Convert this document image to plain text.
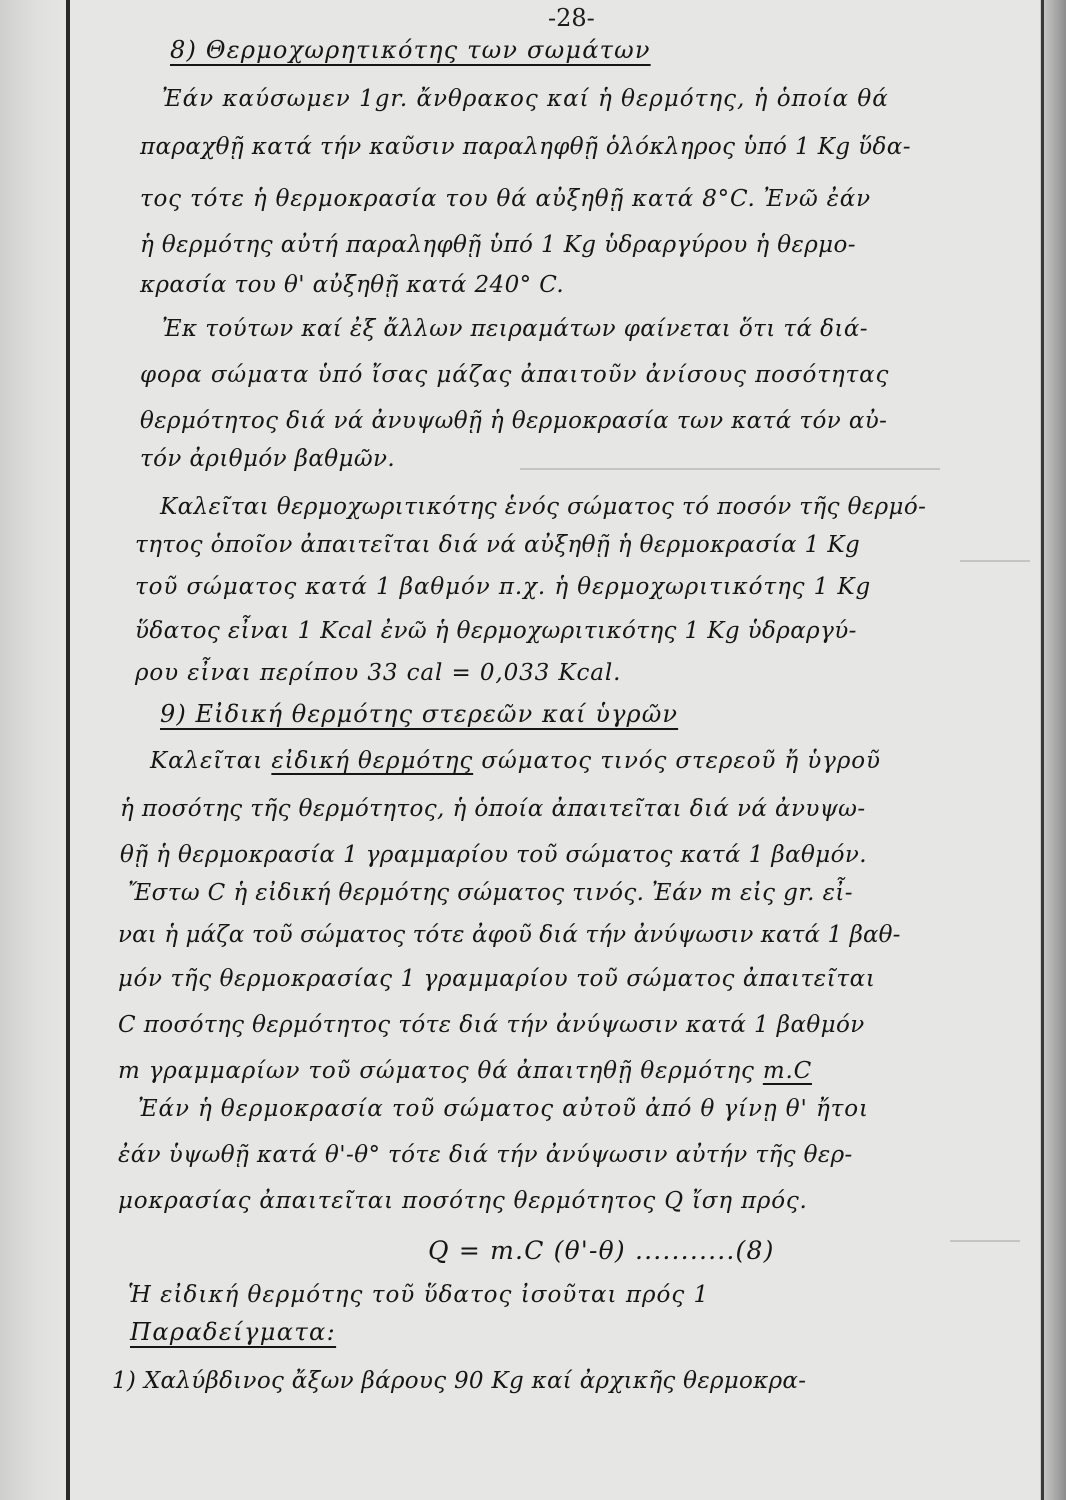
-28-
8) Θερμοχωρητικότης των σωμάτων
Ἐάν καύσωμεν 1gr. ἄνθρακος καί ἡ θερμότης, ἡ ὁποία θά
παραχθῇ κατά τήν καῦσιν παραληφθῇ ὁλόκληρος ὑπό 1 Kg ὕδα-
τος τότε ἡ θερμοκρασία του θά αὐξηθῇ κατά 8°C. Ἐνῶ ἐάν
ἡ θερμότης αὐτή παραληφθῇ ὑπό 1 Kg ὑδραργύρου ἡ θερμο-
κρασία του θ' αὐξηθῇ κατά 240° C.
Ἐκ τούτων καί ἐξ ἄλλων πειραμάτων φαίνεται ὅτι τά διά-
φορα σώματα ὑπό ἴσας μάζας ἀπαιτοῦν ἀνίσους ποσότητας
θερμότητος διά νά ἀνυψωθῇ ἡ θερμοκρασία των κατά τόν αὐ-
τόν ἀριθμόν βαθμῶν.
Καλεῖται θερμοχωριτικότης ἑνός σώματος τό ποσόν τῆς θερμό-
τητος ὁποῖον ἀπαιτεῖται διά νά αὐξηθῇ ἡ θερμοκρασία 1 Kg
τοῦ σώματος κατά 1 βαθμόν π.χ. ἡ θερμοχωριτικότης 1 Kg
ὕδατος εἶναι 1 Kcal ἐνῶ ἡ θερμοχωριτικότης 1 Kg ὑδραργύ-
ρου εἶναι περίπου 33 cal = 0,033 Kcal.
9) Εἰδική θερμότης στερεῶν καί ὑγρῶν
Καλεῖται εἰδική θερμότης σώματος τινός στερεοῦ ἤ ὑγροῦ
ἡ ποσότης τῆς θερμότητος, ἡ ὁποία ἀπαιτεῖται διά νά ἀνυψω-
θῇ ἡ θερμοκρασία 1 γραμμαρίου τοῦ σώματος κατά 1 βαθμόν.
Ἔστω C ἡ εἰδική θερμότης σώματος τινός. Ἐάν m εἰς gr. εἶ-
ναι ἡ μάζα τοῦ σώματος τότε ἀφοῦ διά τήν ἀνύψωσιν κατά 1 βαθ-
μόν τῆς θερμοκρασίας 1 γραμμαρίου τοῦ σώματος ἀπαιτεῖται
C ποσότης θερμότητος τότε διά τήν ἀνύψωσιν κατά 1 βαθμόν
m γραμμαρίων τοῦ σώματος θά ἀπαιτηθῇ θερμότης m.C
Ἐάν ἡ θερμοκρασία τοῦ σώματος αὐτοῦ ἀπό θ γίνῃ θ' ἤτοι
ἐάν ὑψωθῇ κατά θ'-θ° τότε διά τήν ἀνύψωσιν αὐτήν τῆς θερ-
μοκρασίας ἀπαιτεῖται ποσότης θερμότητος Q ἴση πρός.
Q = m.C (θ'-θ) ...........(8)
Ἡ εἰδική θερμότης τοῦ ὕδατος ἰσοῦται πρός 1
Παραδείγματα:
1) Χαλύβδινος ἄξων βάρους 90 Kg καί ἀρχικῆς θερμοκρα-
